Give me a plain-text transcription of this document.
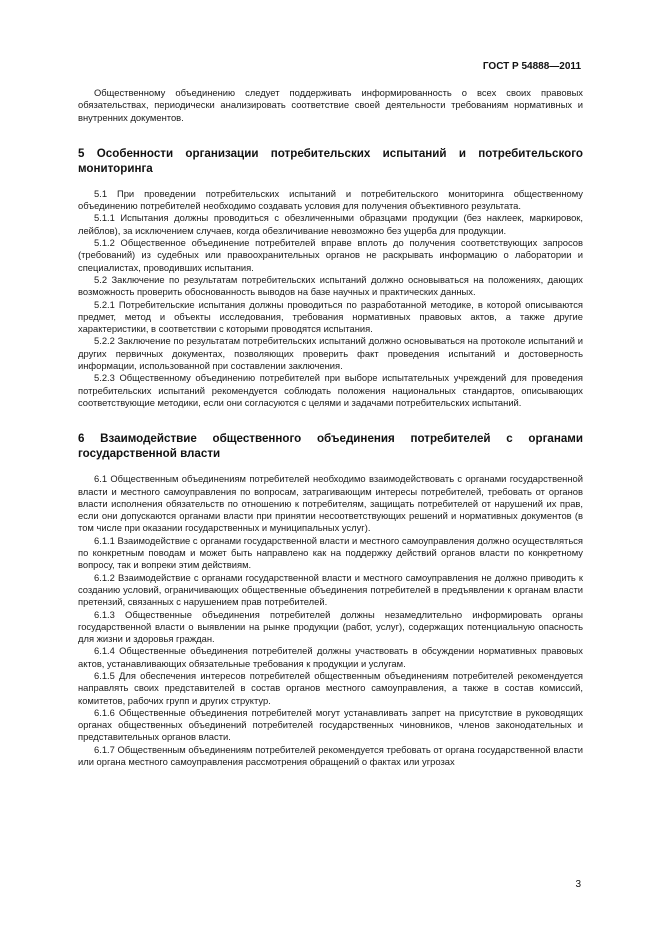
ГОСТ Р 54888—2011

Общественному объединению следует поддерживать информированность о всех своих правовых обязательствах, периодически анализировать соответствие своей деятельности требованиям нормативных и внутренних документов.

5 Особенности организации потребительских испытаний и потребительского мониторинга

5.1 При проведении потребительских испытаний и потребительского мониторинга общественному объединению потребителей необходимо создавать условия для получения объективного результата.

5.1.1 Испытания должны проводиться с обезличенными образцами продукции (без наклеек, маркировок, лейблов), за исключением случаев, когда обезличивание невозможно без ущерба для продукции.

5.1.2 Общественное объединение потребителей вправе вплоть до получения соответствующих запросов (требований) из судебных или правоохранительных органов не раскрывать информацию о лаборатории и специалистах, проводивших испытания.

5.2 Заключение по результатам потребительских испытаний должно основываться на положениях, дающих возможность проверить обоснованность выводов на базе научных и практических данных.

5.2.1 Потребительские испытания должны проводиться по разработанной методике, в которой описываются предмет, метод и объекты исследования, требования нормативных правовых актов, а также другие характеристики, в соответствии с которыми проводятся испытания.

5.2.2 Заключение по результатам потребительских испытаний должно основываться на протоколе испытаний и других первичных документах, позволяющих проверить факт проведения испытаний и достоверность информации, использованной при составлении заключения.

5.2.3 Общественному объединению потребителей при выборе испытательных учреждений для проведения потребительских испытаний рекомендуется соблюдать положения национальных стандартов, описывающих соответствующие методики, если они согласуются с целями и задачами потребительских испытаний.

6 Взаимодействие общественного объединения потребителей с органами государственной власти

6.1 Общественным объединениям потребителей необходимо взаимодействовать с органами государственной власти и местного самоуправления по вопросам, затрагивающим интересы потребителей, требовать от органов власти исполнения обязательств по отношению к потребителям, защищать потребителей от нарушений их прав, если они допускаются органами власти при принятии несоответствующих решений и нормативных документов (в том числе при оказании государственных и муниципальных услуг).

6.1.1 Взаимодействие с органами государственной власти и местного самоуправления должно осуществляться по конкретным поводам и может быть направлено как на поддержку действий органов власти по конкретному вопросу, так и вопреки этим действиям.

6.1.2 Взаимодействие с органами государственной власти и местного самоуправления не должно приводить к созданию условий, ограничивающих общественные объединения потребителей в предъявлении к органам власти претензий, связанных с нарушением прав потребителей.

6.1.3 Общественные объединения потребителей должны незамедлительно информировать органы государственной власти о выявлении на рынке продукции (работ, услуг), содержащих потенциальную опасность для жизни и здоровья граждан.

6.1.4 Общественные объединения потребителей должны участвовать в обсуждении нормативных правовых актов, устанавливающих обязательные требования к продукции и услугам.

6.1.5 Для обеспечения интересов потребителей общественным объединениям потребителей рекомендуется направлять своих представителей в состав органов местного самоуправления, а также в состав комиссий, комитетов, рабочих групп и других структур.

6.1.6 Общественные объединения потребителей могут устанавливать запрет на присутствие в руководящих органах общественных объединений потребителей государственных чиновников, членов законодательных и представительных органов власти.

6.1.7 Общественным объединениям потребителей рекомендуется требовать от органа государственной власти или органа местного самоуправления рассмотрения обращений о фактах или угрозах

3
